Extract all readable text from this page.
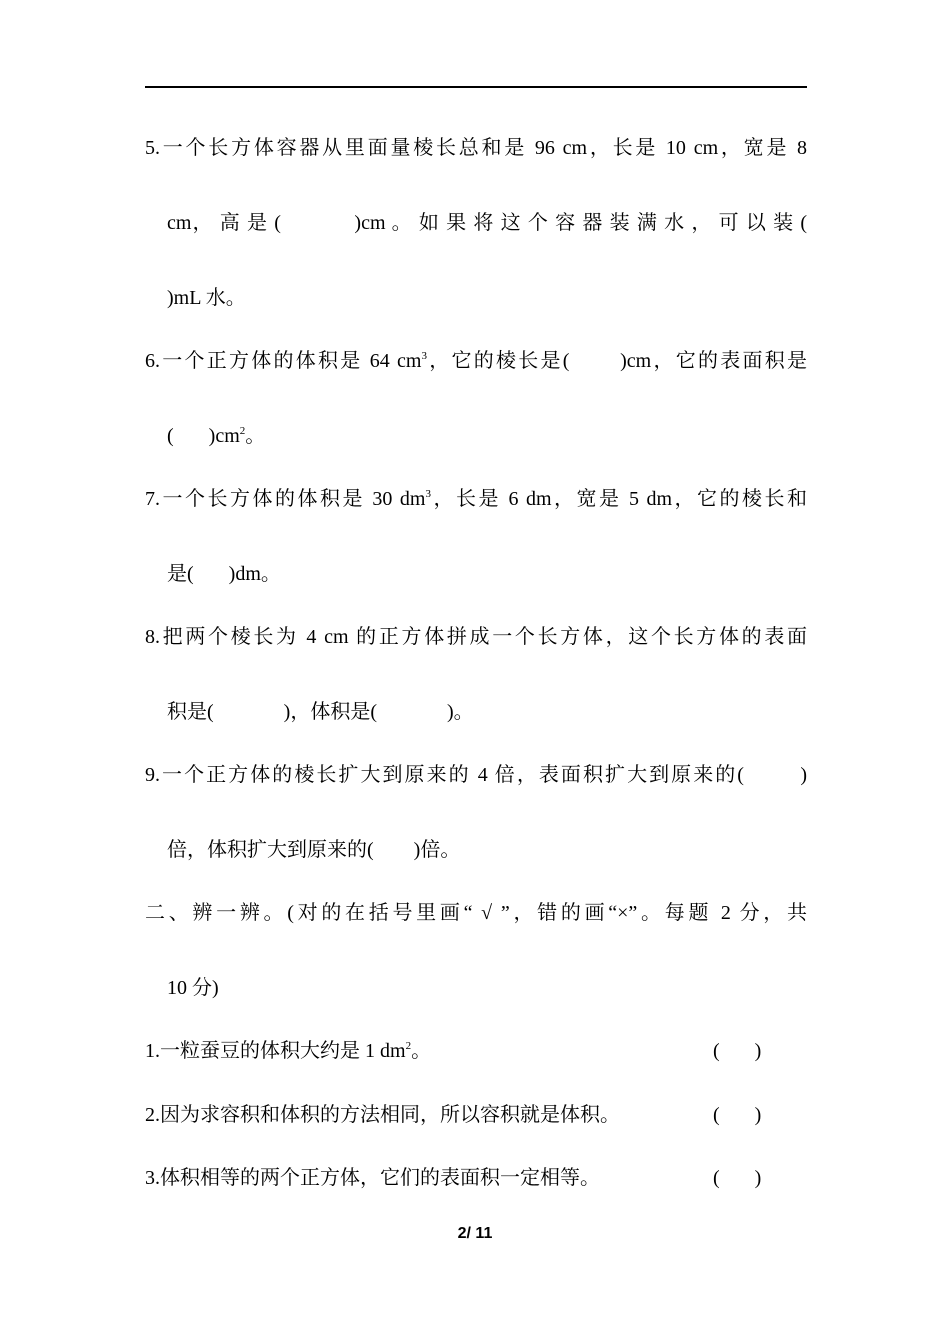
5.一个长方体容器从里面量棱长总和是 96 cm，长是 10 cm，宽是 8
cm， 高 是 (            )cm 。 如 果 将 这 个 容 器 装 满 水 ， 可 以 装 (
)mL 水。
6.一个正方体的体积是 64 $cm^3$，它的棱长是(       )cm，它的表面积是
(       )$cm^2$。
7.一个长方体的体积是 30 $dm^3$，长是 6 dm，宽是 5 dm，它的棱长和
是(       )dm。
8.把两个棱长为 4 cm 的正方体拼成一个长方体，这个长方体的表面
积是(              )，体积是(              )。
9.一个正方体的棱长扩大到原来的 4 倍，表面积扩大到原来的(        )
倍，体积扩大到原来的(        )倍。
二、辨一辨。(对的在括号里画“ √ ”，错的画“×”。每题 2 分，共
10 分)
1.一粒蚕豆的体积大约是 1 $dm^2$。	(       )
2.因为求容积和体积的方法相同，所以容积就是体积。	(       )
3.体积相等的两个正方体，它们的表面积一定相等。	(       )
2/ 11
